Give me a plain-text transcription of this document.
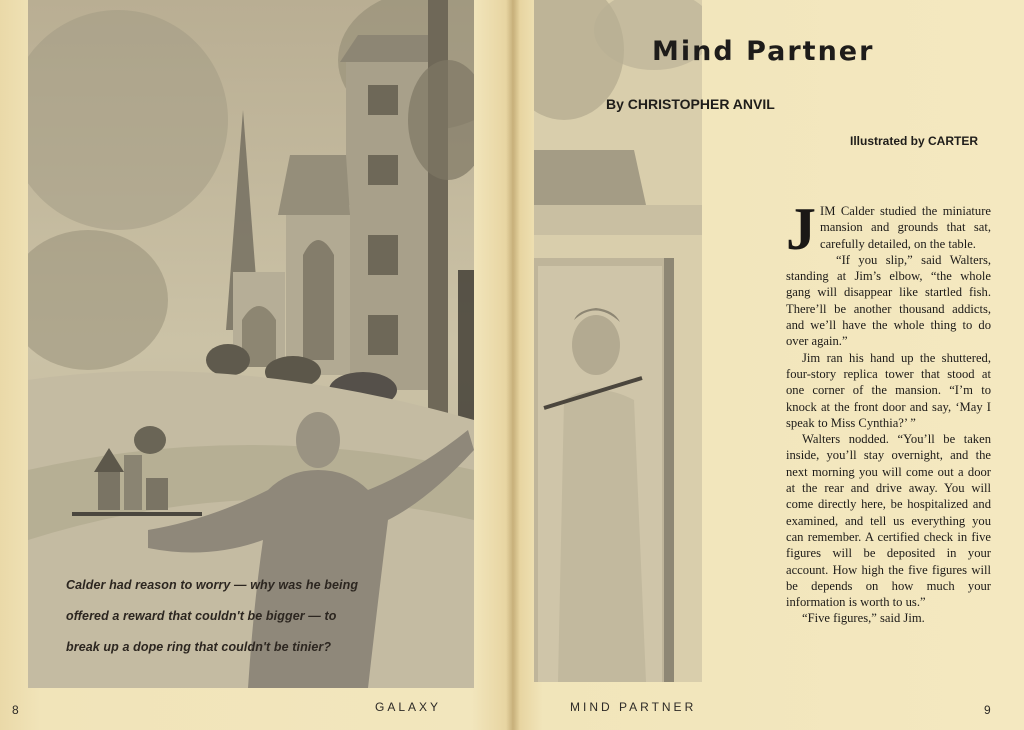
Calder had reason to worry — why was he being
offered a reward that couldn't be bigger — to
break up a dope ring that couldn't be tinier?
8	GALAXY
Mind Partner
By CHRISTOPHER ANVIL
Illustrated by CARTER

JIM Calder studied the miniature mansion and grounds that sat, carefully detailed, on the table.

“If you slip,” said Walters, standing at Jim’s elbow, “the whole gang will disappear like startled fish. There’ll be another thousand addicts, and we’ll have the whole thing to do over again.”

Jim ran his hand up the shuttered, four-story replica tower that stood at one corner of the mansion. “I’m to knock at the front door and say, ‘May I speak to Miss Cynthia?’ ”

Walters nodded. “You’ll be taken inside, you’ll stay overnight, and the next morning you will come out a door at the rear and drive away. You will come directly here, be hospitalized and examined, and tell us everything you can remember. A certified check in five figures will be deposited in your account. How high the five figures will be depends on how much your information is worth to us.”

“Five figures,” said Jim.

MIND PARTNER	9
